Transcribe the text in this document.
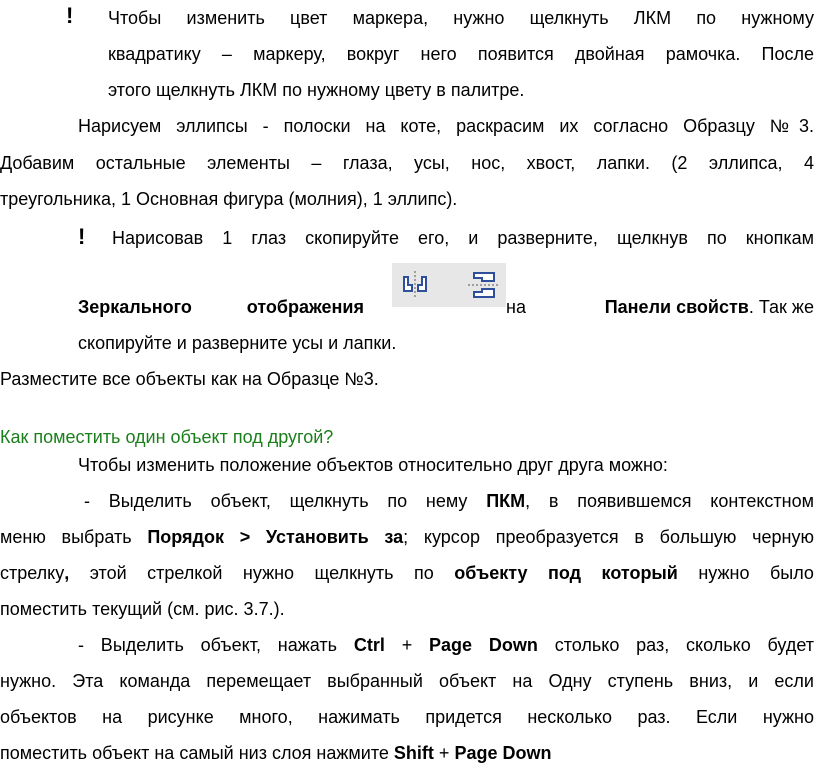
! Чтобы изменить цвет маркера, нужно щелкнуть ЛКМ по нужному
квадратику – маркеру, вокруг него появится двойная рамочка. После
этого щелкнуть ЛКМ по нужному цвету в палитре.
Нарисуем эллипсы - полоски на коте, раскрасим их согласно Образцу №3.
Добавим остальные элементы – глаза, усы, нос, хвост, лапки. (2 эллипса, 4
треугольника, 1 Основная фигура (молния), 1 эллипс).
! Нарисовав 1 глаз скопируйте его, и разверните, щелкнув по кнопкам
Зеркального отображения	на	Панели свойств. Так же
скопируйте и разверните усы и лапки.
Разместите все объекты как на Образце №3.
Как поместить один объект под другой?
Чтобы изменить положение объектов относительно друг друга можно:
- Выделить объект, щелкнуть по нему ПКМ, в появившемся контекстном
меню выбрать Порядок > Установить за; курсор преобразуется в большую черную
стрелку, этой стрелкой нужно щелкнуть по объекту под который нужно было
поместить текущий (см. рис. 3.7.).
- Выделить объект, нажать Ctrl + Page Down столько раз, сколько будет
нужно. Эта команда перемещает выбранный объект на Одну ступень вниз, и если
объектов на рисунке много, нажимать придется несколько раз. Если нужно
поместить объект на самый низ слоя нажмите Shift + Page Down
